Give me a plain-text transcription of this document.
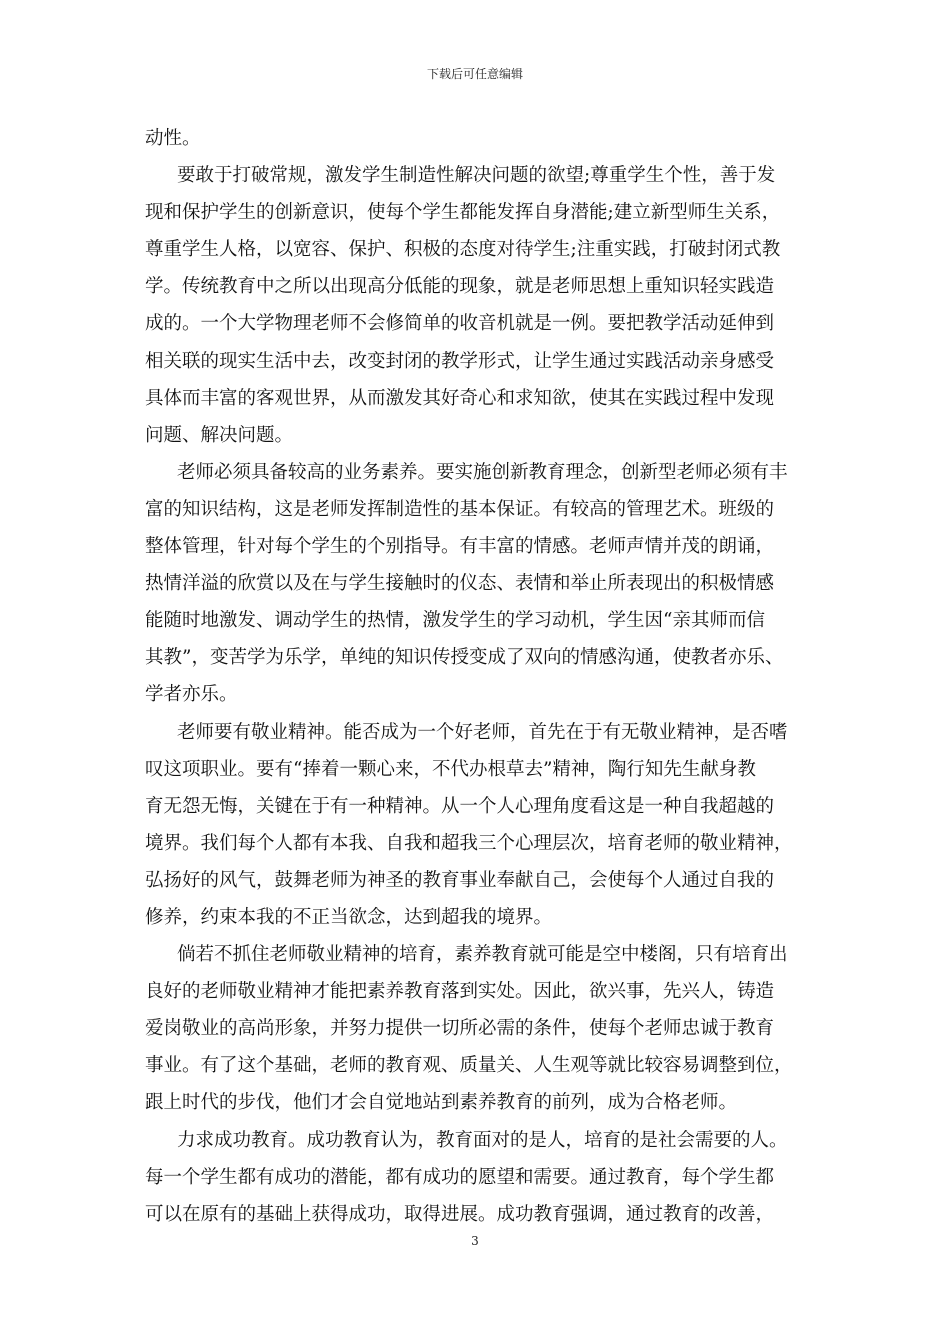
下载后可任意编辑
动性。
要敢于打破常规，激发学生制造性解决问题的欲望;尊重学生个性，善于发
现和保护学生的创新意识，使每个学生都能发挥自身潜能;建立新型师生关系，
尊重学生人格，以宽容、保护、积极的态度对待学生;注重实践，打破封闭式教
学。传统教育中之所以出现高分低能的现象，就是老师思想上重知识轻实践造
成的。一个大学物理老师不会修简单的收音机就是一例。要把教学活动延伸到
相关联的现实生活中去，改变封闭的教学形式，让学生通过实践活动亲身感受
具体而丰富的客观世界，从而激发其好奇心和求知欲，使其在实践过程中发现
问题、解决问题。
老师必须具备较高的业务素养。要实施创新教育理念，创新型老师必须有丰
富的知识结构，这是老师发挥制造性的基本保证。有较高的管理艺术。班级的
整体管理，针对每个学生的个别指导。有丰富的情感。老师声情并茂的朗诵，
热情洋溢的欣赏以及在与学生接触时的仪态、表情和举止所表现出的积极情感
能随时地激发、调动学生的热情，激发学生的学习动机，学生因“亲其师而信
其教”，变苦学为乐学，单纯的知识传授变成了双向的情感沟通，使教者亦乐、
学者亦乐。
老师要有敬业精神。能否成为一个好老师，首先在于有无敬业精神，是否嗜
叹这项职业。要有“捧着一颗心来，不代办根草去”精神，陶行知先生献身教
育无怨无悔，关键在于有一种精神。从一个人心理角度看这是一种自我超越的
境界。我们每个人都有本我、自我和超我三个心理层次，培育老师的敬业精神，
弘扬好的风气，鼓舞老师为神圣的教育事业奉献自己，会使每个人通过自我的
修养，约束本我的不正当欲念，达到超我的境界。
倘若不抓住老师敬业精神的培育，素养教育就可能是空中楼阁，只有培育出
良好的老师敬业精神才能把素养教育落到实处。因此，欲兴事，先兴人，铸造
爱岗敬业的高尚形象，并努力提供一切所必需的条件，使每个老师忠诚于教育
事业。有了这个基础，老师的教育观、质量关、人生观等就比较容易调整到位，
跟上时代的步伐，他们才会自觉地站到素养教育的前列，成为合格老师。
力求成功教育。成功教育认为，教育面对的是人，培育的是社会需要的人。
每一个学生都有成功的潜能，都有成功的愿望和需要。通过教育，每个学生都
可以在原有的基础上获得成功，取得进展。成功教育强调，通过教育的改善，
3
